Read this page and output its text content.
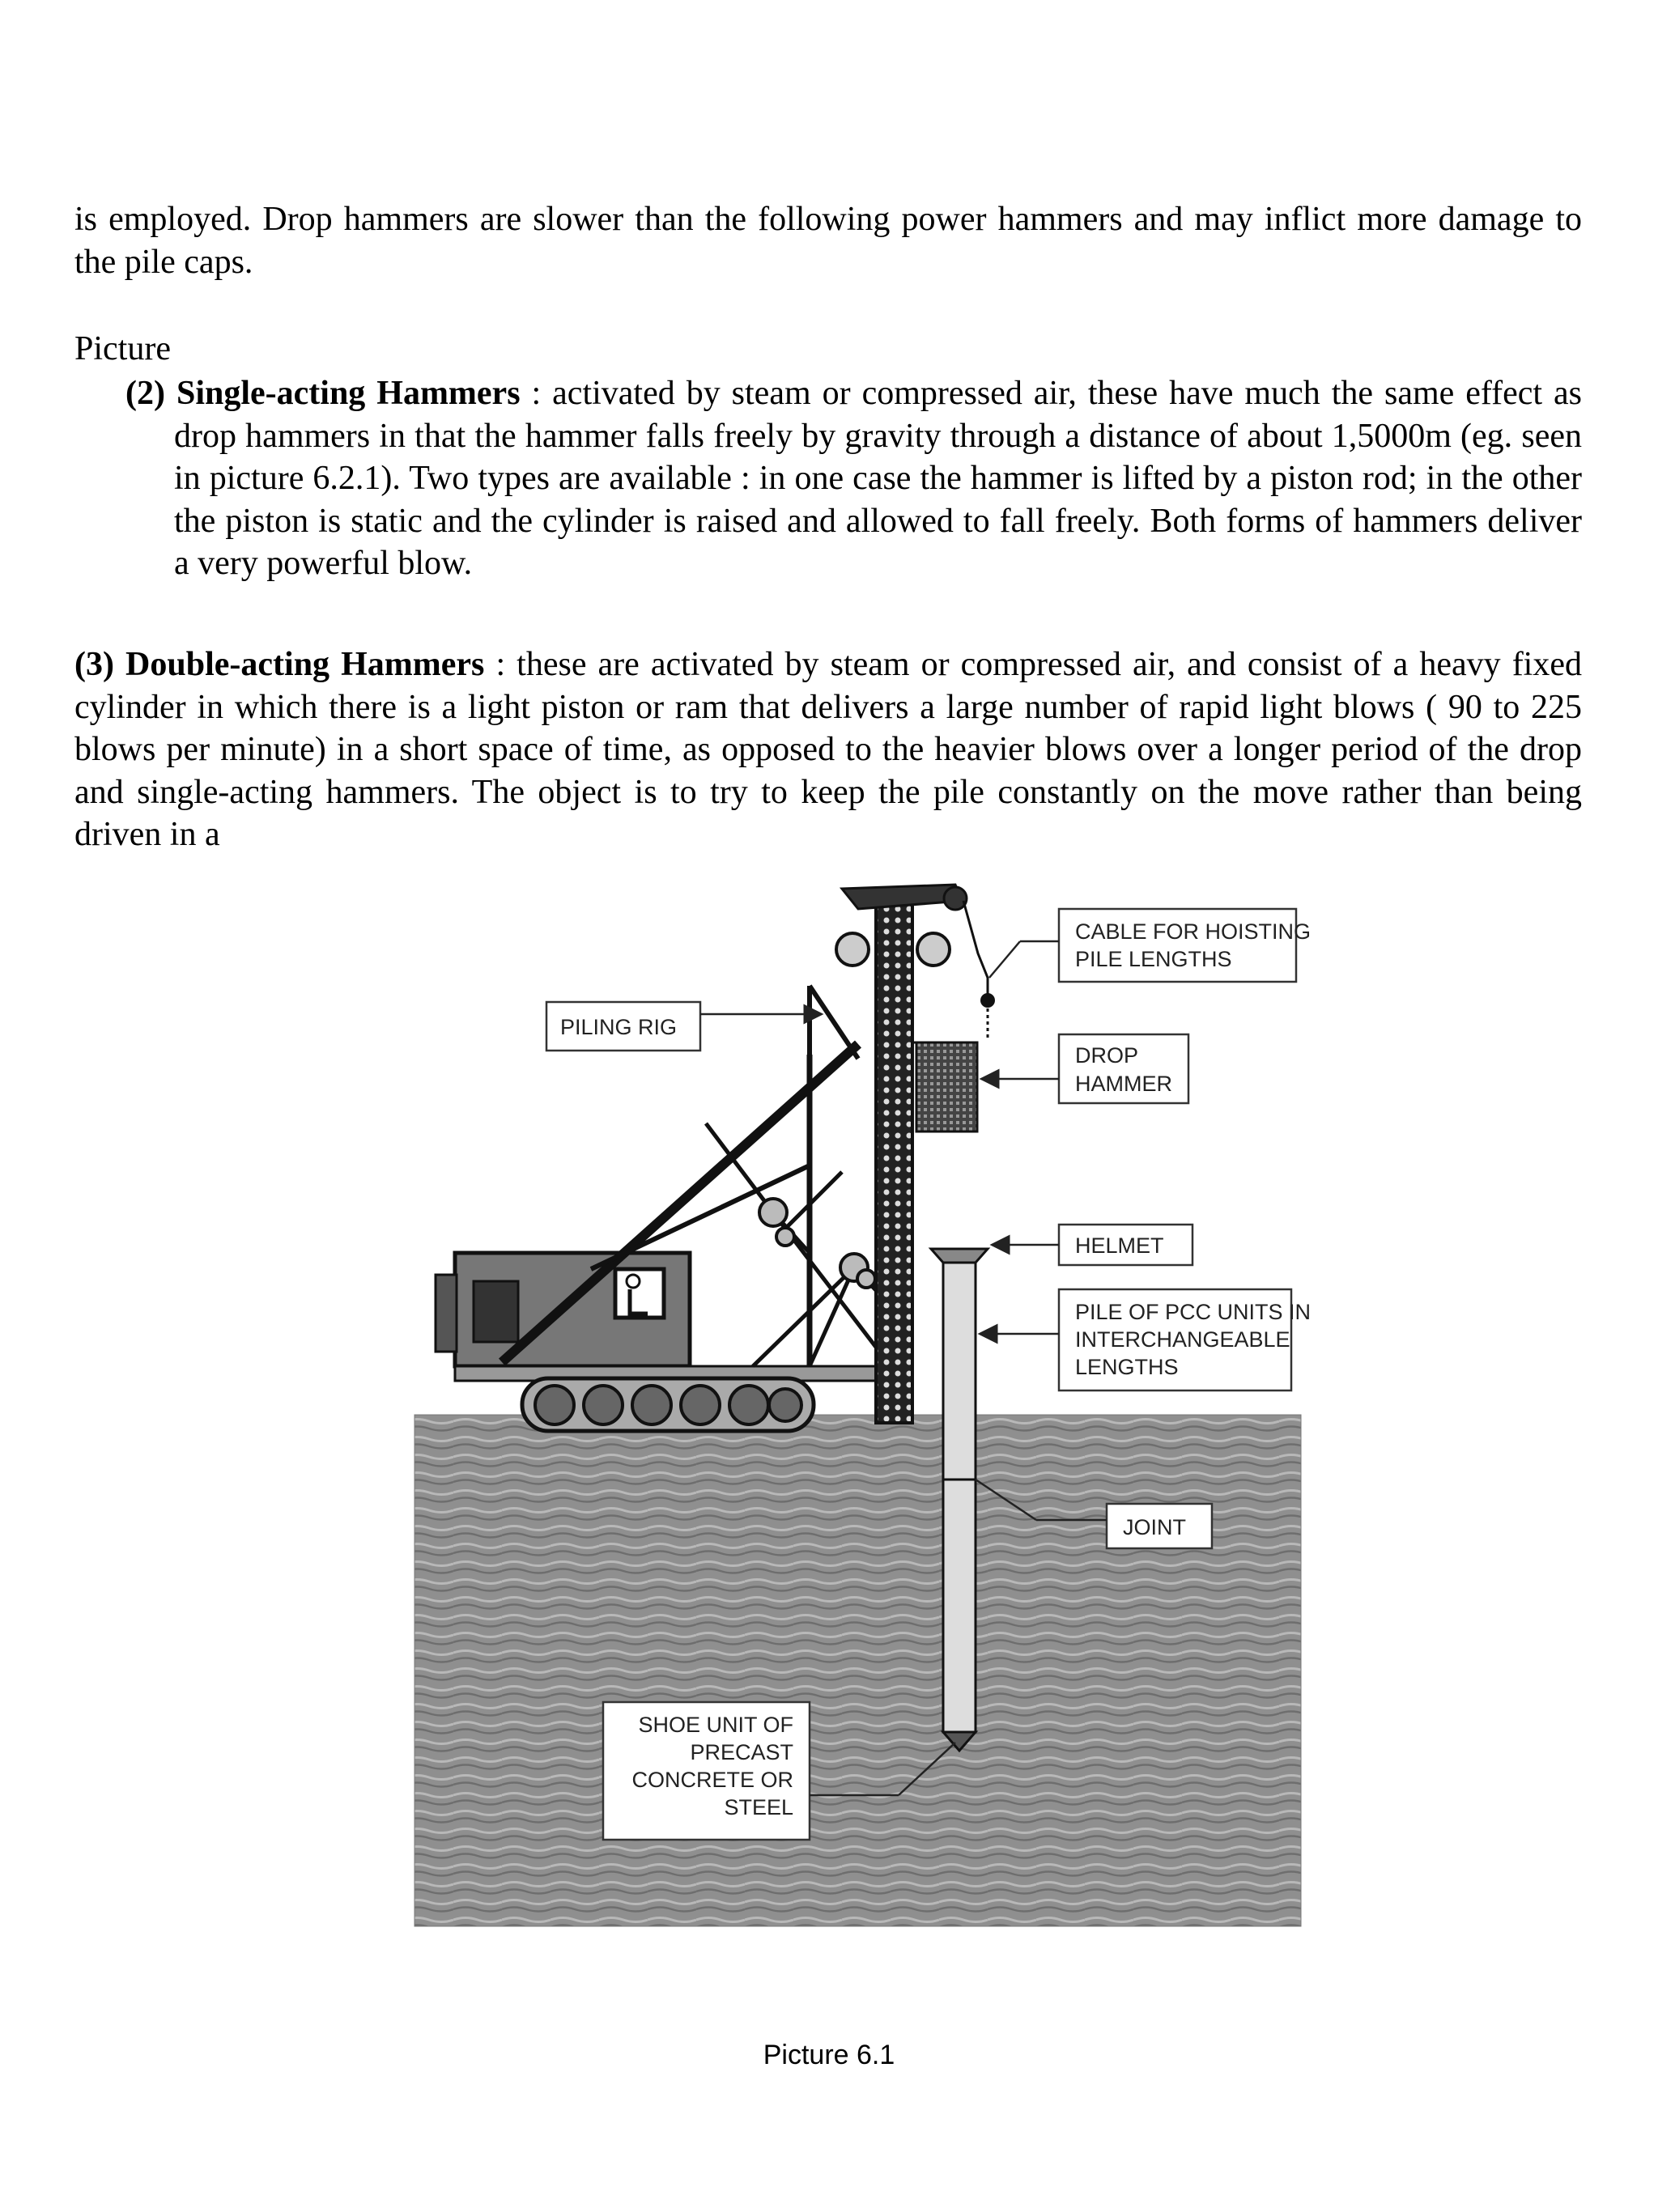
is employed. Drop hammers are slower than the following power hammers and may inflict more damage to the pile caps.
Picture
(2) Single-acting Hammers : activated by steam or compressed air, these have much the same effect as drop hammers in that the hammer falls freely by gravity through a distance of about 1,5000m (eg. seen in picture 6.2.1). Two types are available : in one case the hammer is lifted by a piston rod; in the other the piston is static and the cylinder is raised and allowed to fall freely. Both forms of hammers deliver a very powerful blow.
(3) Double-acting Hammers : these are activated by steam or compressed air, and consist of a heavy fixed cylinder in which there is a light piston or ram that delivers a large number of rapid light blows ( 90 to 225 blows per minute) in a short space of time, as opposed to the heavier blows over a longer period of the drop and single-acting hammers. The object is to try to keep the pile constantly on the move rather than being driven in a
CABLE FOR HOISTING
PILE LENGTHS
PILING RIG
DROP
HAMMER
HELMET
PILE OF PCC UNITS IN
INTERCHANGEABLE
LENGTHS
JOINT
SHOE UNIT OF
PRECAST
CONCRETE OR
STEEL
Picture 6.1
